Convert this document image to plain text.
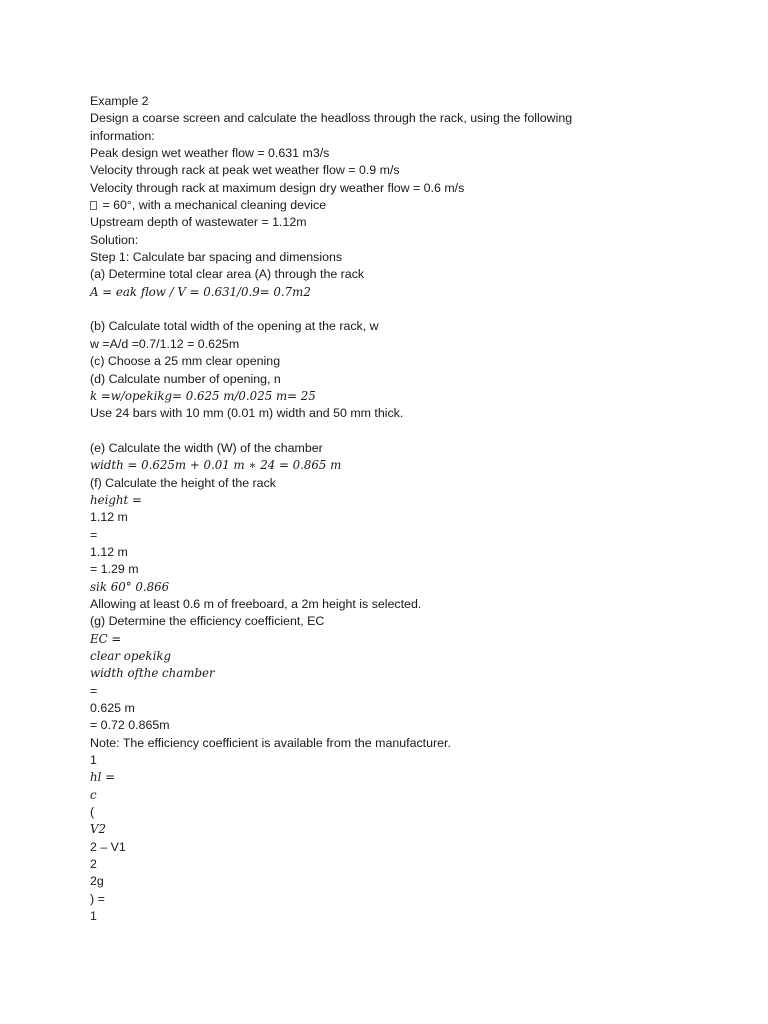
Example 2
Design a coarse screen and calculate the headloss through the rack, using the following
information:
Peak design wet weather flow = 0.631 m3/s
Velocity through rack at peak wet weather flow = 0.9 m/s
Velocity through rack at maximum design dry weather flow = 0.6 m/s
= 60°, with a mechanical cleaning device
Upstream depth of wastewater = 1.12m
Solution:
Step 1: Calculate bar spacing and dimensions
(a) Determine total clear area (A) through the rack
A = eak flow / V = 0.631/0.9= 0.7m2
(b) Calculate total width of the opening at the rack, w
w =A/d =0.7/1.12 = 0.625m
(c) Choose a 25 mm clear opening
(d) Calculate number of opening, n
k =w/opekikg= 0.625 m/0.025 m= 25
Use 24 bars with 10 mm (0.01 m) width and 50 mm thick.
(e) Calculate the width (W) of the chamber
width = 0.625m + 0.01 m ∗ 24 = 0.865 m
(f) Calculate the height of the rack
height =
1.12 m
=
1.12 m
= 1.29 m
sik 60° 0.866
Allowing at least 0.6 m of freeboard, a 2m height is selected.
(g) Determine the efficiency coefficient, EC
EC =
clear opekikg
width ofthe chamber
=
0.625 m
= 0.72 0.865m
Note: The efficiency coefficient is available from the manufacturer.
1
hl =
c
(
V2
2 – V1
2
2g
) =
1
